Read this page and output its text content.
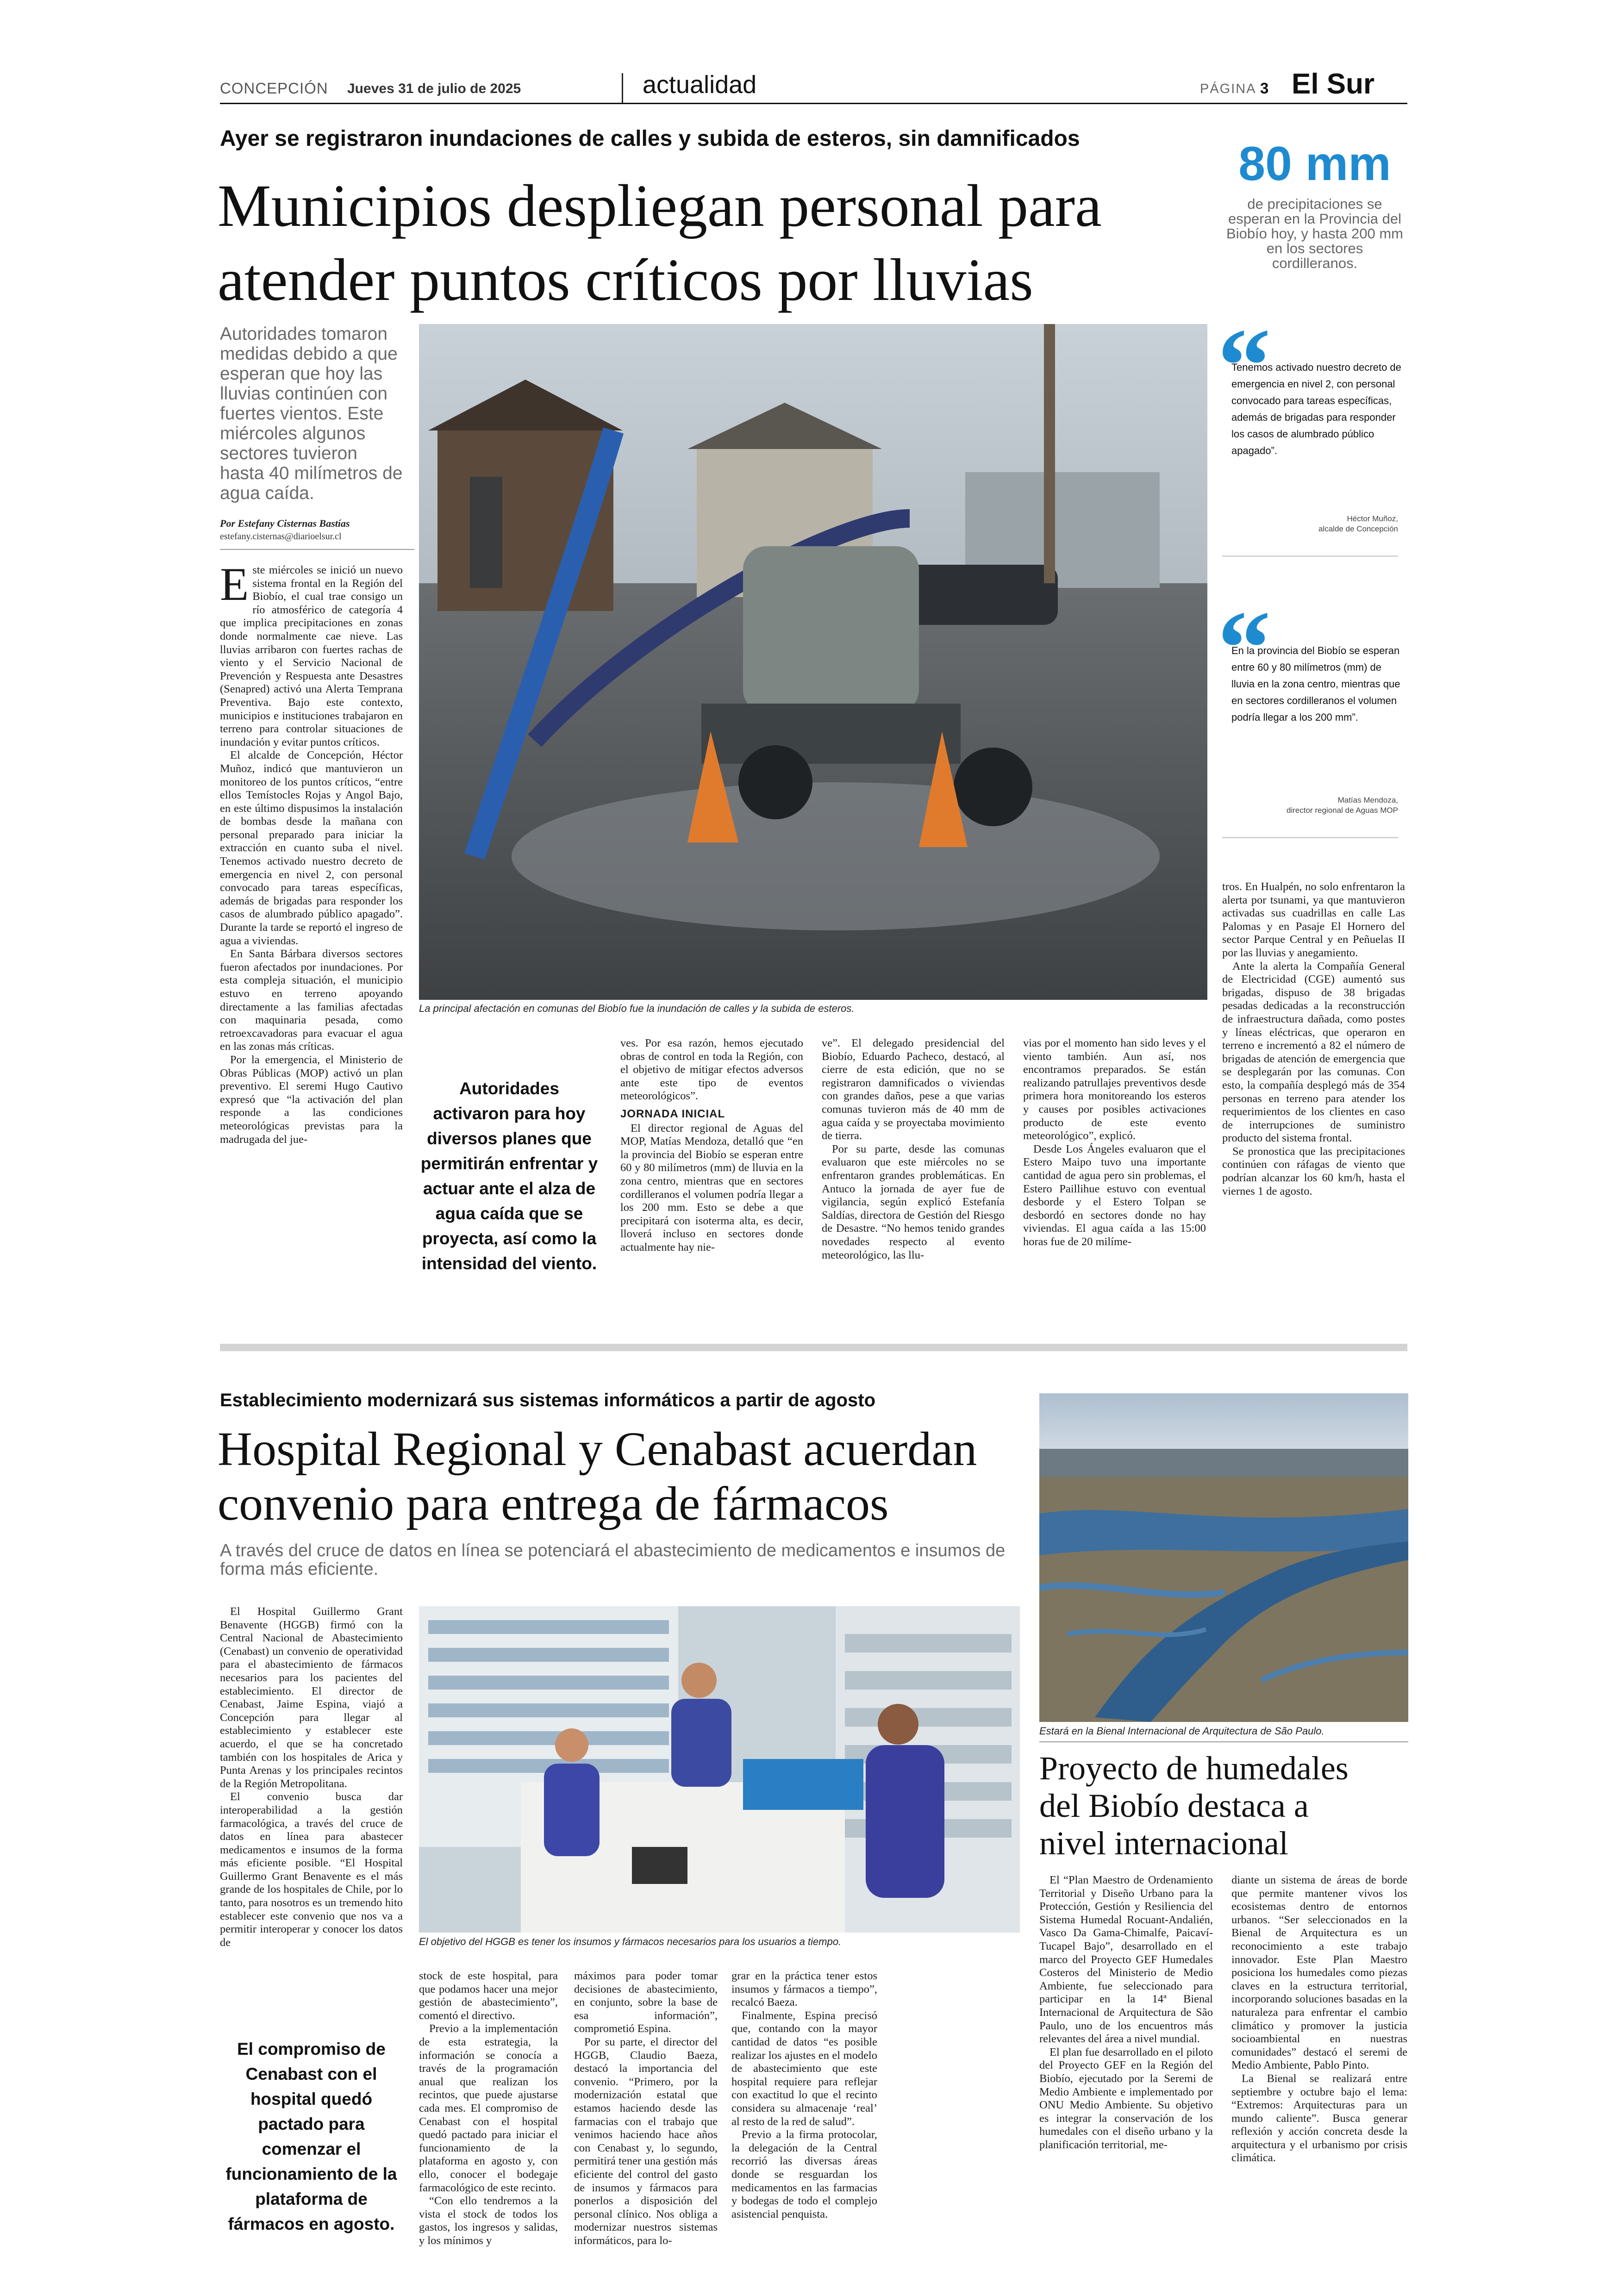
CONCEPCIÓN Jueves 31 de julio de 2025	actualidad	PÁGINA 3 El Sur
Ayer se registraron inundaciones de calles y subida de esteros, sin damnificados
Municipios despliegan personal para
atender puntos críticos por lluvias
80 mm
de precipitaciones se esperan en la Provincia del Biobío hoy, y hasta 200 mm en los sectores cordilleranos.
Autoridades tomaron medidas debido a que esperan que hoy las lluvias continúen con fuertes vientos. Este miércoles algunos sectores tuvieron hasta 40 milímetros de agua caída.
Por Estefany Cisternas Bastías
estefany.cisternas@diarioelsur.cl
La principal afectación en comunas del Biobío fue la inundación de calles y la subida de esteros.
“
Tenemos activado nuestro decreto de emergencia en nivel 2, con personal convocado para tareas específicas, además de brigadas para responder los casos de alumbrado público apagado”.
Héctor Muñoz,
alcalde de Concepción
“
En la provincia del Biobío se esperan entre 60 y 80 milímetros (mm) de lluvia en la zona centro, mientras que en sectores cordilleranos el volumen podría llegar a los 200 mm”.
Matías Mendoza,
director regional de Aguas MOP

Este miércoles se inició un nuevo sistema frontal en la Región del Biobío, el cual trae consigo un río atmosférico de categoría 4 que implica precipitaciones en zonas donde normalmente cae nieve. Las lluvias arribaron con fuertes rachas de viento y el Servicio Nacional de Prevención y Respuesta ante Desastres (Senapred) activó una Alerta Temprana Preventiva. Bajo este contexto, municipios e instituciones trabajaron en terreno para controlar situaciones de inundación y evitar puntos críticos.

El alcalde de Concepción, Héctor Muñoz, indicó que mantuvieron un monitoreo de los puntos críticos, “entre ellos Temístocles Rojas y Angol Bajo, en este último dispusimos la instalación de bombas desde la mañana con personal preparado para iniciar la extracción en cuanto suba el nivel. Tenemos activado nuestro decreto de emergencia en nivel 2, con personal convocado para tareas específicas, además de brigadas para responder los casos de alumbrado público apagado”. Durante la tarde se reportó el ingreso de agua a viviendas.

En Santa Bárbara diversos sectores fueron afectados por inundaciones. Por esta compleja situación, el municipio estuvo en terreno apoyando directamente a las familias afectadas con maquinaria pesada, como retroexcavadoras para evacuar el agua en las zonas más críticas.

Por la emergencia, el Ministerio de Obras Públicas (MOP) activó un plan preventivo. El seremi Hugo Cautivo expresó que “la activación del plan responde a las condiciones meteorológicas previstas para la madrugada del jue-

Autoridades activaron para hoy diversos planes que permitirán enfrentar y actuar ante el alza de agua caída que se proyecta, así como la intensidad del viento.

ves. Por esa razón, hemos ejecutado obras de control en toda la Región, con el objetivo de mitigar efectos adversos ante este tipo de eventos meteorológicos”.

JORNADA INICIAL

El director regional de Aguas del MOP, Matías Mendoza, detalló que “en la provincia del Biobío se esperan entre 60 y 80 milímetros (mm) de lluvia en la zona centro, mientras que en sectores cordilleranos el volumen podría llegar a los 200 mm. Esto se debe a que precipitará con isoterma alta, es decir, lloverá incluso en sectores donde actualmente hay nie-

ve”. El delegado presidencial del Biobío, Eduardo Pacheco, destacó, al cierre de esta edición, que no se registraron damnificados o viviendas con grandes daños, pese a que varias comunas tuvieron más de 40 mm de agua caída y se proyectaba movimiento de tierra.

Por su parte, desde las comunas evaluaron que este miércoles no se enfrentaron grandes problemáticas. En Antuco la jornada de ayer fue de vigilancia, según explicó Estefanía Saldías, directora de Gestión del Riesgo de Desastre. “No hemos tenido grandes novedades respecto al evento meteorológico, las llu-

vias por el momento han sido leves y el viento también. Aun así, nos encontramos preparados. Se están realizando patrullajes preventivos desde primera hora monitoreando los esteros y causes por posibles activaciones producto de este evento meteorológico”, explicó.

Desde Los Ángeles evaluaron que el Estero Maipo tuvo una importante cantidad de agua pero sin problemas, el Estero Paillihue estuvo con eventual desborde y el Estero Tolpan se desbordó en sectores donde no hay viviendas. El agua caída a las 15:00 horas fue de 20 milíme-

tros. En Hualpén, no solo enfrentaron la alerta por tsunami, ya que mantuvieron activadas sus cuadrillas en calle Las Palomas y en Pasaje El Hornero del sector Parque Central y en Peñuelas II por las lluvias y anegamiento.

Ante la alerta la Compañía General de Electricidad (CGE) aumentó sus brigadas, dispuso de 38 brigadas pesadas dedicadas a la reconstrucción de infraestructura dañada, como postes y líneas eléctricas, que operaron en terreno e incrementó a 82 el número de brigadas de atención de emergencia que se desplegarán por las comunas. Con esto, la compañía desplegó más de 354 personas en terreno para atender los requerimientos de los clientes en caso de interrupciones de suministro producto del sistema frontal.

Se pronostica que las precipitaciones continúen con ráfagas de viento que podrían alcanzar los 60 km/h, hasta el viernes 1 de agosto.

Establecimiento modernizará sus sistemas informáticos a partir de agosto
Hospital Regional y Cenabast acuerdan
convenio para entrega de fármacos
A través del cruce de datos en línea se potenciará el abastecimiento de medicamentos e insumos de forma más eficiente.
El objetivo del HGGB es tener los insumos y fármacos necesarios para los usuarios a tiempo.

El Hospital Guillermo Grant Benavente (HGGB) firmó con la Central Nacional de Abastecimiento (Cenabast) un convenio de operatividad para el abastecimiento de fármacos necesarios para los pacientes del establecimiento. El director de Cenabast, Jaime Espina, viajó a Concepción para llegar al establecimiento y establecer este acuerdo, el que se ha concretado también con los hospitales de Arica y Punta Arenas y los principales recintos de la Región Metropolitana.

El convenio busca dar interoperabilidad a la gestión farmacológica, a través del cruce de datos en línea para abastecer medicamentos e insumos de la forma más eficiente posible. “El Hospital Guillermo Grant Benavente es el más grande de los hospitales de Chile, por lo tanto, para nosotros es un tremendo hito establecer este convenio que nos va a permitir interoperar y conocer los datos de

El compromiso de Cenabast con el hospital quedó pactado para comenzar el funcionamiento de la plataforma de fármacos en agosto.

stock de este hospital, para que podamos hacer una mejor gestión de abastecimiento”, comentó el directivo.

Previo a la implementación de esta estrategia, la información se conocía a través de la programación anual que realizan los recintos, que puede ajustarse cada mes. El compromiso de Cenabast con el hospital quedó pactado para iniciar el funcionamiento de la plataforma en agosto y, con ello, conocer el bodegaje farmacológico de este recinto.

“Con ello tendremos a la vista el stock de todos los gastos, los ingresos y salidas, y los mínimos y

máximos para poder tomar decisiones de abastecimiento, en conjunto, sobre la base de esa información”, comprometió Espina.

Por su parte, el director del HGGB, Claudio Baeza, destacó la importancia del convenio. “Primero, por la modernización estatal que estamos haciendo desde las farmacias con el trabajo que venimos haciendo hace años con Cenabast y, lo segundo, permitirá tener una gestión más eficiente del control del gasto de insumos y fármacos para ponerlos a disposición del personal clínico. Nos obliga a modernizar nuestros sistemas informáticos, para lo-

grar en la práctica tener estos insumos y fármacos a tiempo”, recalcó Baeza.

Finalmente, Espina precisó que, contando con la mayor cantidad de datos “es posible realizar los ajustes en el modelo de abastecimiento que este hospital requiere para reflejar con exactitud lo que el recinto considera su almacenaje ‘real’ al resto de la red de salud”.

Previo a la firma protocolar, la delegación de la Central recorrió las diversas áreas donde se resguardan los medicamentos en las farmacias y bodegas de todo el complejo asistencial penquista.

Estará en la Bienal Internacional de Arquitectura de São Paulo.
Proyecto de humedales
del Biobío destaca a
nivel internacional

El “Plan Maestro de Ordenamiento Territorial y Diseño Urbano para la Protección, Gestión y Resiliencia del Sistema Humedal Rocuant-Andalién, Vasco Da Gama-Chimalfe, Paicaví-Tucapel Bajo”, desarrollado en el marco del Proyecto GEF Humedales Costeros del Ministerio de Medio Ambiente, fue seleccionado para participar en la 14ª Bienal Internacional de Arquitectura de São Paulo, uno de los encuentros más relevantes del área a nivel mundial.

El plan fue desarrollado en el piloto del Proyecto GEF en la Región del Biobío, ejecutado por la Seremi de Medio Ambiente e implementado por ONU Medio Ambiente. Su objetivo es integrar la conservación de los humedales con el diseño urbano y la planificación territorial, me-

diante un sistema de áreas de borde que permite mantener vivos los ecosistemas dentro de entornos urbanos. “Ser seleccionados en la Bienal de Arquitectura es un reconocimiento a este trabajo innovador. Este Plan Maestro posiciona los humedales como piezas claves en la estructura territorial, incorporando soluciones basadas en la naturaleza para enfrentar el cambio climático y promover la justicia socioambiental en nuestras comunidades” destacó el seremi de Medio Ambiente, Pablo Pinto.

La Bienal se realizará entre septiembre y octubre bajo el lema: “Extremos: Arquitecturas para un mundo caliente”. Busca generar reflexión y acción concreta desde la arquitectura y el urbanismo por crisis climática.
